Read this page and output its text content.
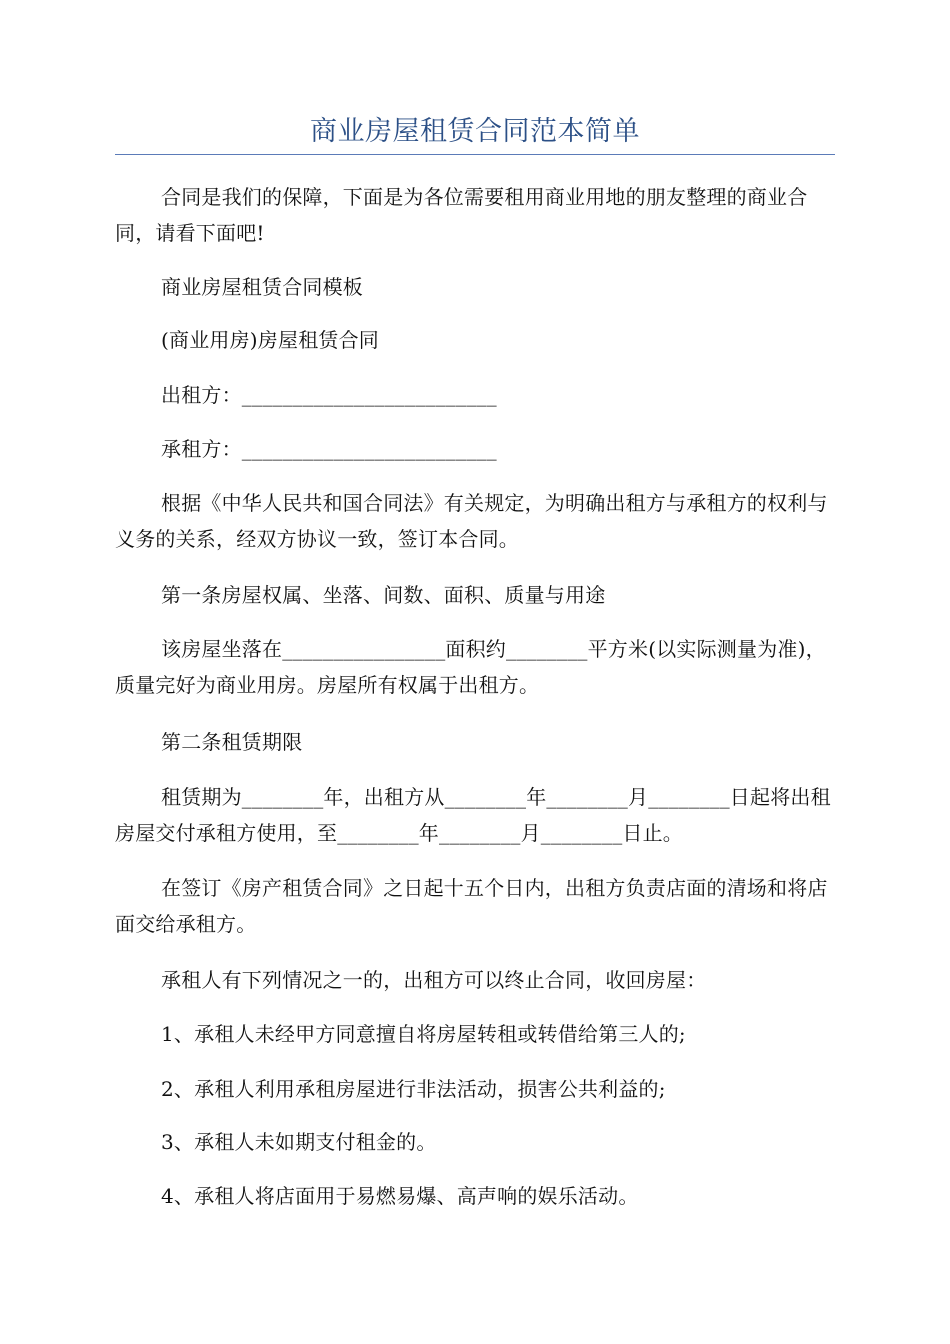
商业房屋租赁合同范本简单

合同是我们的保障，下面是为各位需要租用商业用地的朋友整理的商业合同，请看下面吧!

商业房屋租赁合同模板

(商业用房)房屋租赁合同

出租方：_________________________

承租方：_________________________

根据《中华人民共和国合同法》有关规定，为明确出租方与承租方的权利与义务的关系，经双方协议一致，签订本合同。

第一条房屋权属、坐落、间数、面积、质量与用途

该房屋坐落在________________面积约________平方米(以实际测量为准)，质量完好为商业用房。房屋所有权属于出租方。

第二条租赁期限

租赁期为________年，出租方从________年________月________日起将出租房屋交付承租方使用，至________年________月________日止。

在签订《房产租赁合同》之日起十五个日内，出租方负责店面的清场和将店面交给承租方。

承租人有下列情况之一的，出租方可以终止合同，收回房屋：

1、承租人未经甲方同意擅自将房屋转租或转借给第三人的;

2、承租人利用承租房屋进行非法活动，损害公共利益的;

3、承租人未如期支付租金的。

4、承租人将店面用于易燃易爆、高声响的娱乐活动。
